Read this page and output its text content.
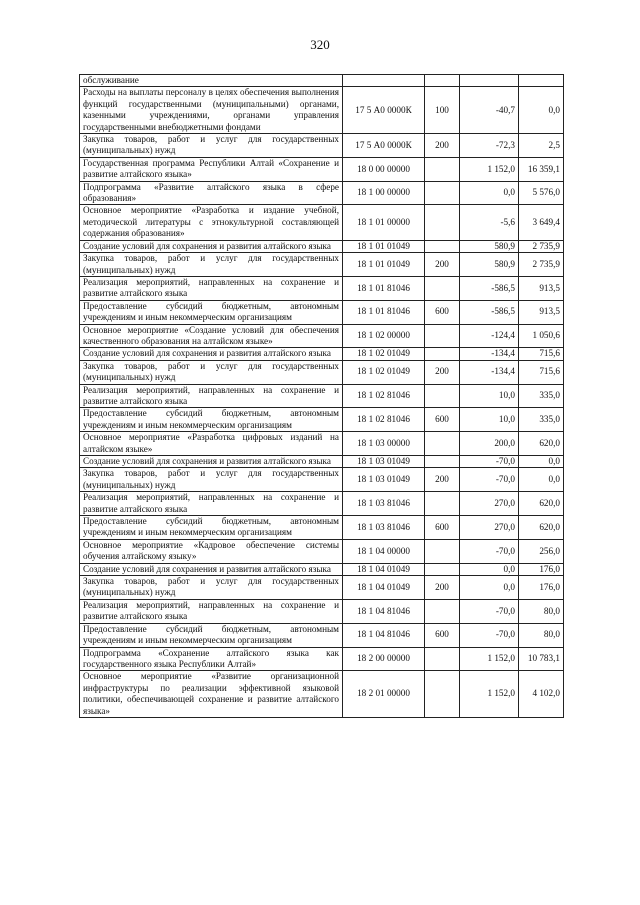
320
обслуживание				
Расходы на выплаты персоналу в целях обеспечения выполнения функций государственными (муниципальными) органами, казенными учреждениями, органами управления государственными внебюджетными фондами	17 5 А0 0000К	100	-40,7	0,0
Закупка товаров, работ и услуг для государственных (муниципальных) нужд	17 5 А0 0000К	200	-72,3	2,5
Государственная программа Республики Алтай «Сохранение и развитие алтайского языка»	18 0 00 00000		1 152,0	16 359,1
Подпрограмма «Развитие алтайского языка в сфере образования»	18 1 00 00000		0,0	5 576,0
Основное мероприятие «Разработка и издание учебной, методической литературы с этнокультурной составляющей содержания образования»	18 1 01 00000		-5,6	3 649,4
Создание условий для сохранения и развития алтайского языка	18 1 01 01049		580,9	2 735,9
Закупка товаров, работ и услуг для государственных (муниципальных) нужд	18 1 01 01049	200	580,9	2 735,9
Реализация мероприятий, направленных на сохранение и развитие алтайского языка	18 1 01 81046		-586,5	913,5
Предоставление субсидий бюджетным, автономным учреждениям и иным некоммерческим организациям	18 1 01 81046	600	-586,5	913,5
Основное мероприятие «Создание условий для обеспечения качественного образования на алтайском языке»	18 1 02 00000		-124,4	1 050,6
Создание условий для сохранения и развития алтайского языка	18 1 02 01049		-134,4	715,6
Закупка товаров, работ и услуг для государственных (муниципальных) нужд	18 1 02 01049	200	-134,4	715,6
Реализация мероприятий, направленных на сохранение и развитие алтайского языка	18 1 02 81046		10,0	335,0
Предоставление субсидий бюджетным, автономным учреждениям и иным некоммерческим организациям	18 1 02 81046	600	10,0	335,0
Основное мероприятие «Разработка цифровых изданий на алтайском языке»	18 1 03 00000		200,0	620,0
Создание условий для сохранения и развития алтайского языка	18 1 03 01049		-70,0	0,0
Закупка товаров, работ и услуг для государственных (муниципальных) нужд	18 1 03 01049	200	-70,0	0,0
Реализация мероприятий, направленных на сохранение и развитие алтайского языка	18 1 03 81046		270,0	620,0
Предоставление субсидий бюджетным, автономным учреждениям и иным некоммерческим организациям	18 1 03 81046	600	270,0	620,0
Основное мероприятие «Кадровое обеспечение системы обучения алтайскому языку»	18 1 04 00000		-70,0	256,0
Создание условий для сохранения и развития алтайского языка	18 1 04 01049		0,0	176,0
Закупка товаров, работ и услуг для государственных (муниципальных) нужд	18 1 04 01049	200	0,0	176,0
Реализация мероприятий, направленных на сохранение и развитие алтайского языка	18 1 04 81046		-70,0	80,0
Предоставление субсидий бюджетным, автономным учреждениям и иным некоммерческим организациям	18 1 04 81046	600	-70,0	80,0
Подпрограмма «Сохранение алтайского языка как государственного языка Республики Алтай»	18 2 00 00000		1 152,0	10 783,1
Основное мероприятие «Развитие организационной инфраструктуры по реализации эффективной языковой политики, обеспечивающей сохранение и развитие алтайского языка»	18 2 01 00000		1 152,0	4 102,0
